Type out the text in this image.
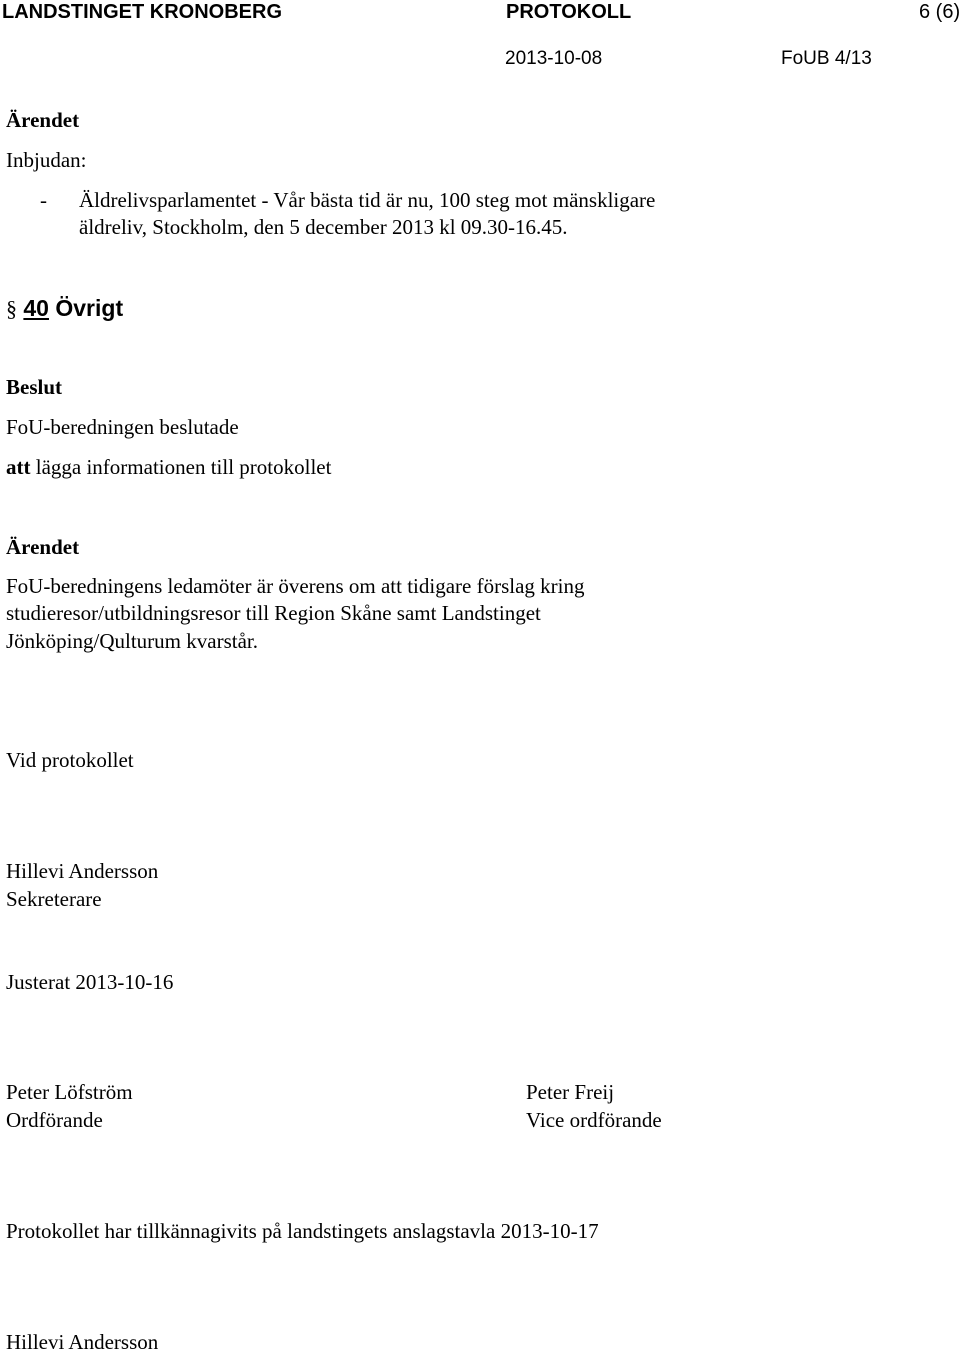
LANDSTINGET KRONOBERG	PROTOKOLL	6 (6)
2013-10-08	FoUB 4/13
Ärendet
Inbjudan:
- Äldrelivsparlamentet - Vår bästa tid är nu, 100 steg mot mänskligare
äldreliv, Stockholm, den 5 december 2013 kl 09.30-16.45.
§ 40 Övrigt
Beslut
FoU-beredningen beslutade
att lägga informationen till protokollet
Ärendet
FoU-beredningens ledamöter är överens om att tidigare förslag kring
studieresor/utbildningsresor till Region Skåne samt Landstinget
Jönköping/Qulturum kvarstår.
Vid protokollet
Hillevi Andersson
Sekreterare
Justerat 2013-10-16
Peter Löfström
Ordförande
Peter Freij
Vice ordförande
Protokollet har tillkännagivits på landstingets anslagstavla 2013-10-17
Hillevi Andersson
